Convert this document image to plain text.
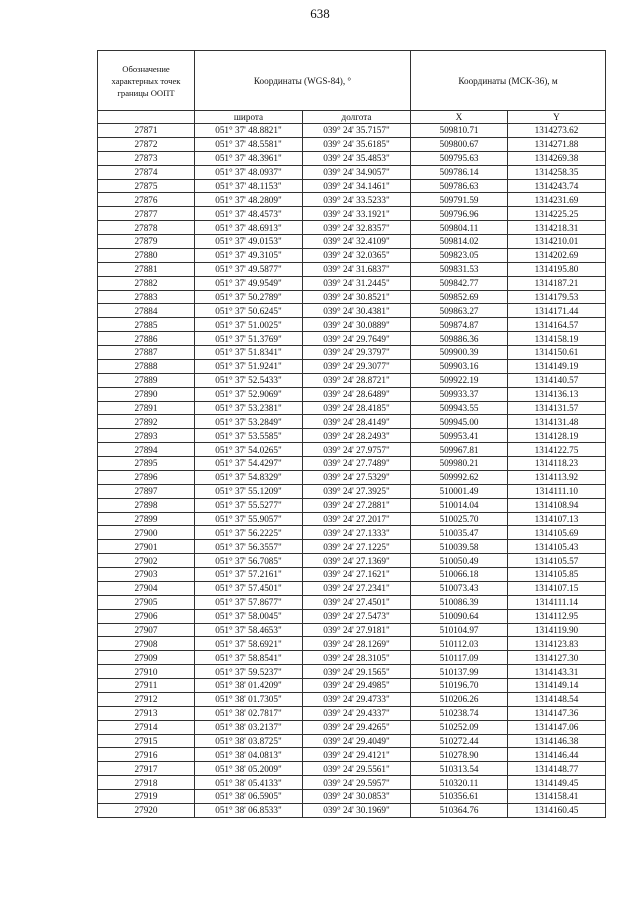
638
Обозначение характерных точек границы ООПТ	Координаты (WGS-84), °		Координаты (МСК-36), м	
	широта	долгота	X	Y
27871	051° 37' 48.8821"	039° 24' 35.7157"	509810.71	1314273.62
27872	051° 37' 48.5581"	039° 24' 35.6185"	509800.67	1314271.88
27873	051° 37' 48.3961"	039° 24' 35.4853"	509795.63	1314269.38
27874	051° 37' 48.0937"	039° 24' 34.9057"	509786.14	1314258.35
27875	051° 37' 48.1153"	039° 24' 34.1461"	509786.63	1314243.74
27876	051° 37' 48.2809"	039° 24' 33.5233"	509791.59	1314231.69
27877	051° 37' 48.4573"	039° 24' 33.1921"	509796.96	1314225.25
27878	051° 37' 48.6913"	039° 24' 32.8357"	509804.11	1314218.31
27879	051° 37' 49.0153"	039° 24' 32.4109"	509814.02	1314210.01
27880	051° 37' 49.3105"	039° 24' 32.0365"	509823.05	1314202.69
27881	051° 37' 49.5877"	039° 24' 31.6837"	509831.53	1314195.80
27882	051° 37' 49.9549"	039° 24' 31.2445"	509842.77	1314187.21
27883	051° 37' 50.2789"	039° 24' 30.8521"	509852.69	1314179.53
27884	051° 37' 50.6245"	039° 24' 30.4381"	509863.27	1314171.44
27885	051° 37' 51.0025"	039° 24' 30.0889"	509874.87	1314164.57
27886	051° 37' 51.3769"	039° 24' 29.7649"	509886.36	1314158.19
27887	051° 37' 51.8341"	039° 24' 29.3797"	509900.39	1314150.61
27888	051° 37' 51.9241"	039° 24' 29.3077"	509903.16	1314149.19
27889	051° 37' 52.5433"	039° 24' 28.8721"	509922.19	1314140.57
27890	051° 37' 52.9069"	039° 24' 28.6489"	509933.37	1314136.13
27891	051° 37' 53.2381"	039° 24' 28.4185"	509943.55	1314131.57
27892	051° 37' 53.2849"	039° 24' 28.4149"	509945.00	1314131.48
27893	051° 37' 53.5585"	039° 24' 28.2493"	509953.41	1314128.19
27894	051° 37' 54.0265"	039° 24' 27.9757"	509967.81	1314122.75
27895	051° 37' 54.4297"	039° 24' 27.7489"	509980.21	1314118.23
27896	051° 37' 54.8329"	039° 24' 27.5329"	509992.62	1314113.92
27897	051° 37' 55.1209"	039° 24' 27.3925"	510001.49	1314111.10
27898	051° 37' 55.5277"	039° 24' 27.2881"	510014.04	1314108.94
27899	051° 37' 55.9057"	039° 24' 27.2017"	510025.70	1314107.13
27900	051° 37' 56.2225"	039° 24' 27.1333"	510035.47	1314105.69
27901	051° 37' 56.3557"	039° 24' 27.1225"	510039.58	1314105.43
27902	051° 37' 56.7085"	039° 24' 27.1369"	510050.49	1314105.57
27903	051° 37' 57.2161"	039° 24' 27.1621"	510066.18	1314105.85
27904	051° 37' 57.4501"	039° 24' 27.2341"	510073.43	1314107.15
27905	051° 37' 57.8677"	039° 24' 27.4501"	510086.39	1314111.14
27906	051° 37' 58.0045"	039° 24' 27.5473"	510090.64	1314112.95
27907	051° 37' 58.4653"	039° 24' 27.9181"	510104.97	1314119.90
27908	051° 37' 58.6921"	039° 24' 28.1269"	510112.03	1314123.83
27909	051° 37' 58.8541"	039° 24' 28.3105"	510117.09	1314127.30
27910	051° 37' 59.5237"	039° 24' 29.1565"	510137.99	1314143.31
27911	051° 38' 01.4209"	039° 24' 29.4985"	510196.70	1314149.14
27912	051° 38' 01.7305"	039° 24' 29.4733"	510206.26	1314148.54
27913	051° 38' 02.7817"	039° 24' 29.4337"	510238.74	1314147.36
27914	051° 38' 03.2137"	039° 24' 29.4265"	510252.09	1314147.06
27915	051° 38' 03.8725"	039° 24' 29.4049"	510272.44	1314146.38
27916	051° 38' 04.0813"	039° 24' 29.4121"	510278.90	1314146.44
27917	051° 38' 05.2009"	039° 24' 29.5561"	510313.54	1314148.77
27918	051° 38' 05.4133"	039° 24' 29.5957"	510320.11	1314149.45
27919	051° 38' 06.5905"	039° 24' 30.0853"	510356.61	1314158.41
27920	051° 38' 06.8533"	039° 24' 30.1969"	510364.76	1314160.45
